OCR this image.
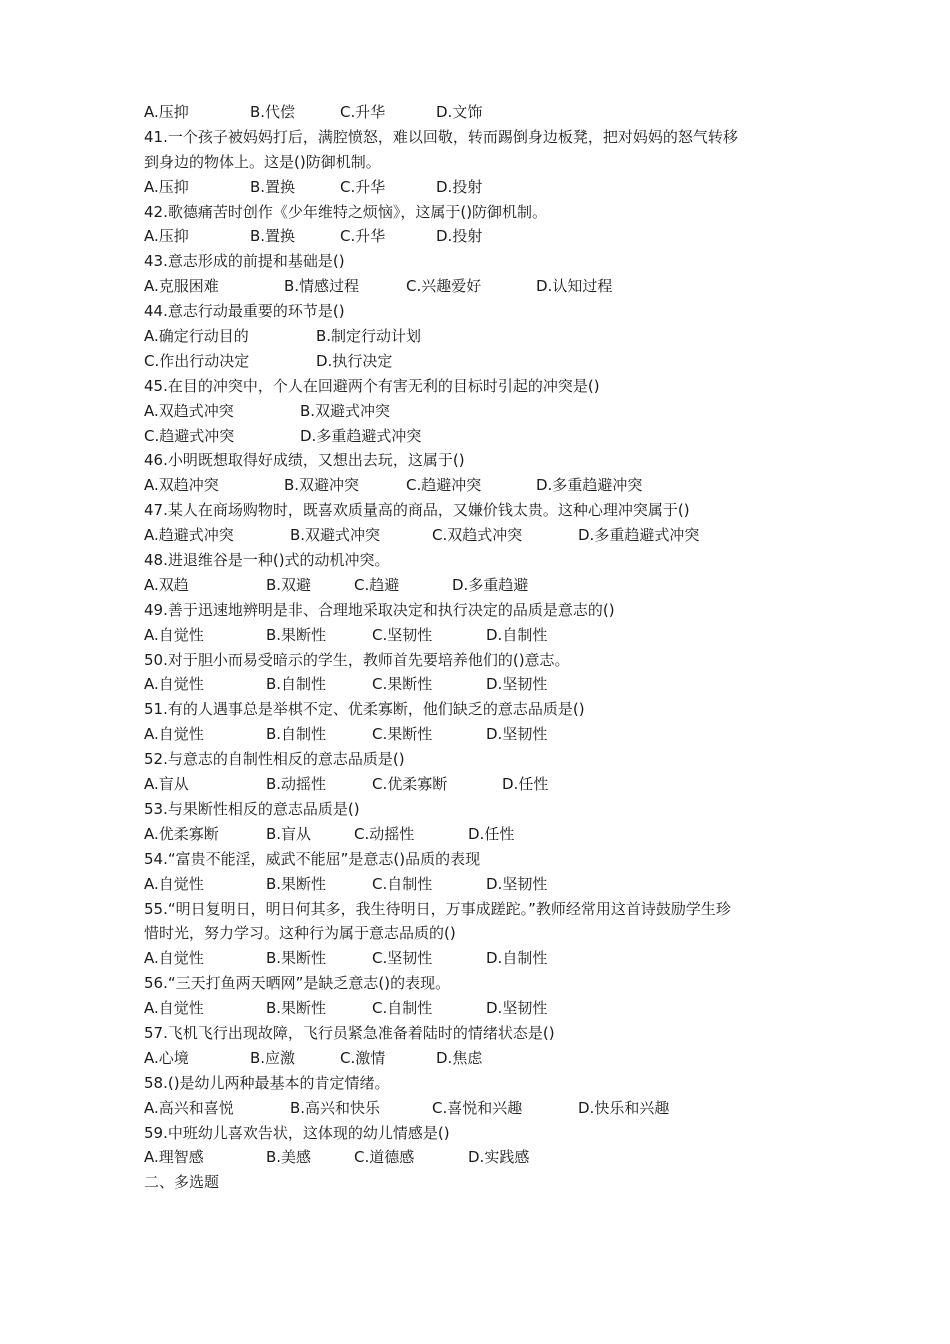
A.压抑	B.代偿	C.升华	D.文饰
41.一个孩子被妈妈打后，满腔愤怒，难以回敬，转而踢倒身边板凳，把对妈妈的怒气转移
到身边的物体上。这是()防御机制。
A.压抑	B.置换	C.升华	D.投射
42.歌德痛苦时创作《少年维特之烦恼》，这属于()防御机制。
A.压抑	B.置换	C.升华	D.投射
43.意志形成的前提和基础是()
A.克服困难	B.情感过程	C.兴趣爱好	D.认知过程
44.意志行动最重要的环节是()
A.确定行动目的	B.制定行动计划
C.作出行动决定	D.执行决定
45.在目的冲突中，个人在回避两个有害无利的目标时引起的冲突是()
A.双趋式冲突	B.双避式冲突
C.趋避式冲突	D.多重趋避式冲突
46.小明既想取得好成绩，又想出去玩，这属于()
A.双趋冲突	B.双避冲突	C.趋避冲突	D.多重趋避冲突
47.某人在商场购物时，既喜欢质量高的商品，又嫌价钱太贵。这种心理冲突属于()
A.趋避式冲突	B.双避式冲突	C.双趋式冲突	D.多重趋避式冲突
48.进退维谷是一种()式的动机冲突。
A.双趋	B.双避	C.趋避	D.多重趋避
49.善于迅速地辨明是非、合理地采取决定和执行决定的品质是意志的()
A.自觉性	B.果断性	C.坚韧性	D.自制性
50.对于胆小而易受暗示的学生，教师首先要培养他们的()意志。
A.自觉性	B.自制性	C.果断性	D.坚韧性
51.有的人遇事总是举棋不定、优柔寡断，他们缺乏的意志品质是()
A.自觉性	B.自制性	C.果断性	D.坚韧性
52.与意志的自制性相反的意志品质是()
A.盲从	B.动摇性	C.优柔寡断	D.任性
53.与果断性相反的意志品质是()
A.优柔寡断	B.盲从	C.动摇性	D.任性
54.“富贵不能淫，威武不能屈”是意志()品质的表现
A.自觉性	B.果断性	C.自制性	D.坚韧性
55.“明日复明日，明日何其多，我生待明日，万事成蹉跎。”教师经常用这首诗鼓励学生珍
惜时光，努力学习。这种行为属于意志品质的()
A.自觉性	B.果断性	C.坚韧性	D.自制性
56.“三天打鱼两天晒网”是缺乏意志()的表现。
A.自觉性	B.果断性	C.自制性	D.坚韧性
57.飞机飞行出现故障，飞行员紧急准备着陆时的情绪状态是()
A.心境	B.应激	C.激情	D.焦虑
58.()是幼儿两种最基本的肯定情绪。
A.高兴和喜悦	B.高兴和快乐	C.喜悦和兴趣	D.快乐和兴趣
59.中班幼儿喜欢告状，这体现的幼儿情感是()
A.理智感	B.美感	C.道德感	D.实践感
二、多选题
